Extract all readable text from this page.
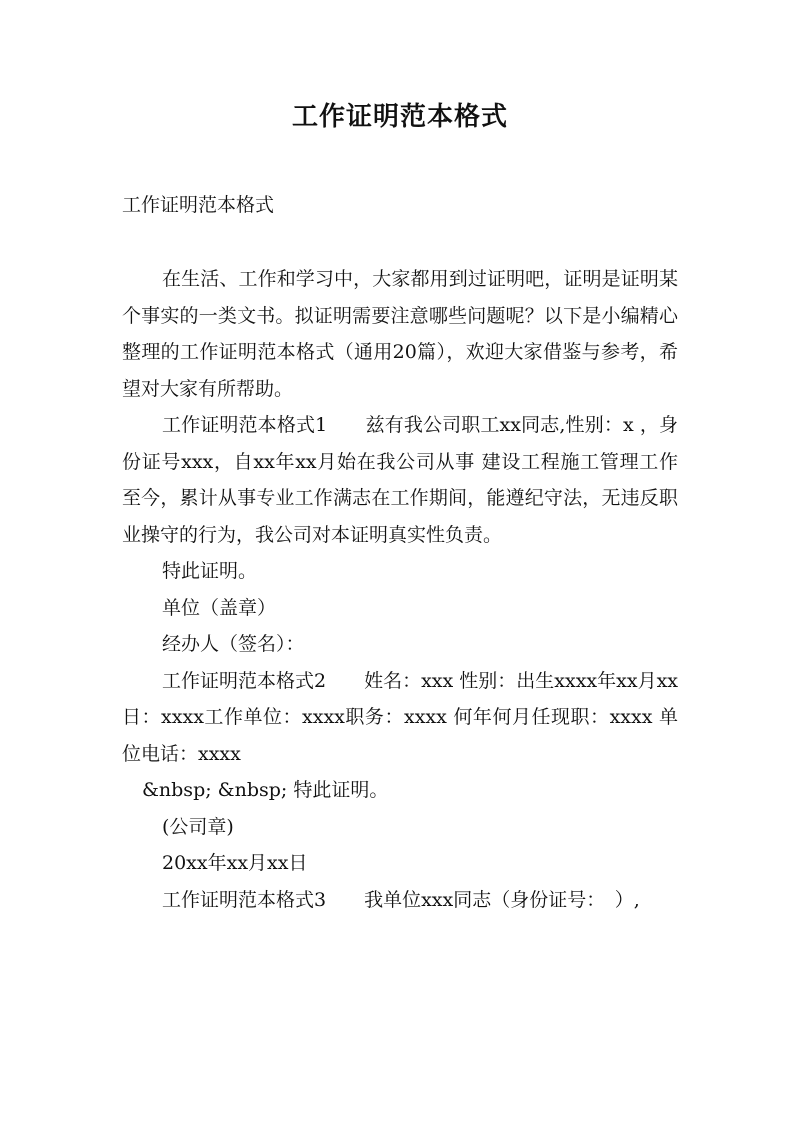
工作证明范本格式
工作证明范本格式

在生活、工作和学习中，大家都用到过证明吧，证明是证明某个事实的一类文书。拟证明需要注意哪些问题呢？以下是小编精心整理的工作证明范本格式（通用20篇），欢迎大家借鉴与参考，希望对大家有所帮助。

工作证明范本格式1　　兹有我公司职工xx同志,性别：x ，身份证号xxx，自xx年xx月始在我公司从事 建设工程施工管理工作至今，累计从事专业工作满志在工作期间，能遵纪守法，无违反职业操守的行为，我公司对本证明真实性负责。

特此证明。

单位（盖章）

经办人（签名）：

工作证明范本格式2　　姓名：xxx 性别：出生xxxx年xx月xx日：xxxx工作单位：xxxx职务：xxxx 何年何月任现职：xxxx 单位电话：xxxx

&nbsp; &nbsp; 特此证明。

(公司章)

20xx年xx月xx日

工作证明范本格式3　　我单位xxx同志（身份证号：　）,
